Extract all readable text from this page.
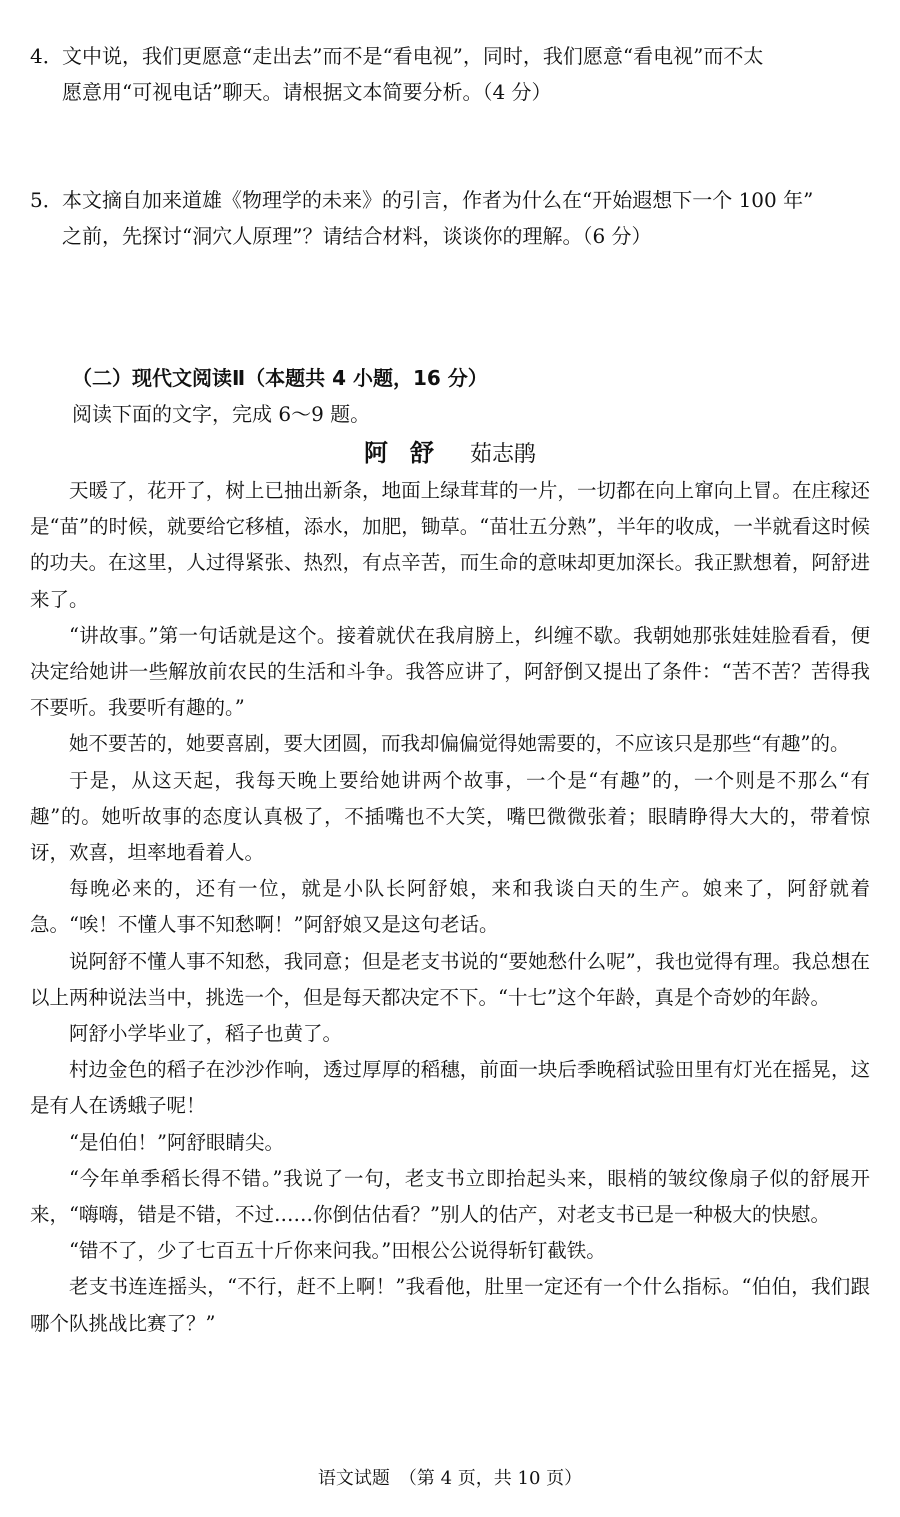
4．文中说，我们更愿意“走出去”而不是“看电视”，同时，我们愿意“看电视”而不太
愿意用“可视电话”聊天。请根据文本简要分析。（4 分）
5．本文摘自加来道雄《物理学的未来》的引言，作者为什么在“开始遐想下一个 100 年”
之前，先探讨“洞穴人原理”？请结合材料，谈谈你的理解。（6 分）
（二）现代文阅读Ⅱ（本题共 4 小题，16 分）
阅读下面的文字，完成 6～9 题。
阿舒 茹志鹃

天暖了，花开了，树上已抽出新条，地面上绿茸茸的一片，一切都在向上窜向上冒。在庄稼还是“苗”的时候，就要给它移植，添水，加肥，锄草。“苗壮五分熟”，半年的收成，一半就看这时候的功夫。在这里，人过得紧张、热烈，有点辛苦，而生命的意味却更加深长。我正默想着，阿舒进来了。

“讲故事。”第一句话就是这个。接着就伏在我肩膀上，纠缠不歇。我朝她那张娃娃脸看看，便决定给她讲一些解放前农民的生活和斗争。我答应讲了，阿舒倒又提出了条件：“苦不苦？苦得我不要听。我要听有趣的。”

她不要苦的，她要喜剧，要大团圆，而我却偏偏觉得她需要的，不应该只是那些“有趣”的。

于是，从这天起，我每天晚上要给她讲两个故事，一个是“有趣”的，一个则是不那么“有趣”的。她听故事的态度认真极了，不插嘴也不大笑，嘴巴微微张着；眼睛睁得大大的，带着惊讶，欢喜，坦率地看着人。

每晚必来的，还有一位，就是小队长阿舒娘，来和我谈白天的生产。娘来了，阿舒就着急。“唉！不懂人事不知愁啊！”阿舒娘又是这句老话。

说阿舒不懂人事不知愁，我同意；但是老支书说的“要她愁什么呢”，我也觉得有理。我总想在以上两种说法当中，挑选一个，但是每天都决定不下。“十七”这个年龄，真是个奇妙的年龄。

阿舒小学毕业了，稻子也黄了。

村边金色的稻子在沙沙作响，透过厚厚的稻穗，前面一块后季晚稻试验田里有灯光在摇晃，这是有人在诱蛾子呢！

“是伯伯！”阿舒眼睛尖。

“今年单季稻长得不错。”我说了一句，老支书立即抬起头来，眼梢的皱纹像扇子似的舒展开来，“嗨嗨，错是不错，不过……你倒估估看？”别人的估产，对老支书已是一种极大的快慰。

“错不了，少了七百五十斤你来问我。”田根公公说得斩钉截铁。

老支书连连摇头，“不行，赶不上啊！”我看他，肚里一定还有一个什么指标。“伯伯，我们跟哪个队挑战比赛了？”

语文试题　（第 4 页，共 10 页）
